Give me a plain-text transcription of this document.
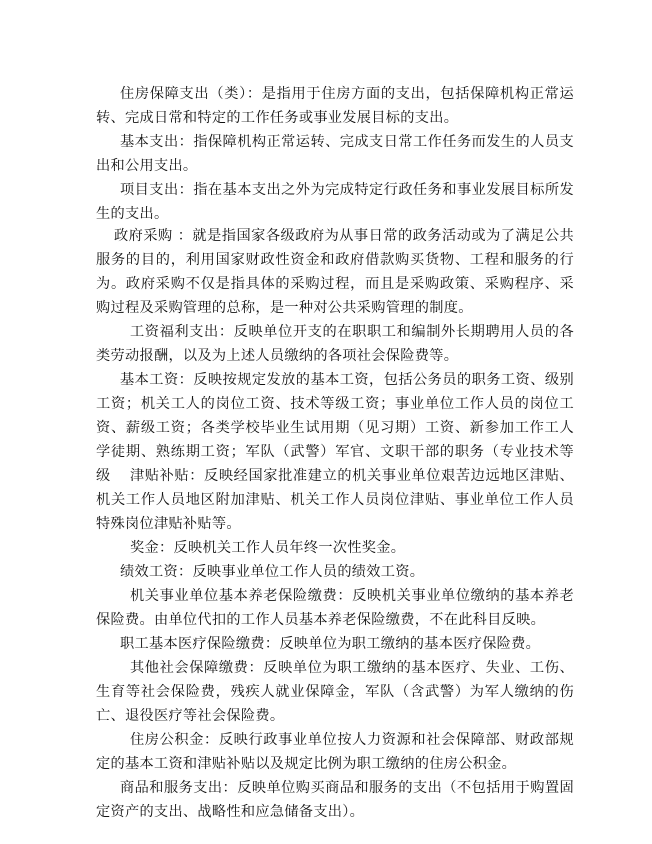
住房保障支出（类）：是指用于住房方面的支出，包括保障机构正常运转、完成日常和特定的工作任务或事业发展目标的支出。

基本支出：指保障机构正常运转、完成支日常工作任务而发生的人员支出和公用支出。

项目支出：指在基本支出之外为完成特定行政任务和事业发展目标所发生的支出。

政府采购 ：就是指国家各级政府为从事日常的政务活动或为了满足公共服务的目的，利用国家财政性资金和政府借款购买货物、工程和服务的行为。政府采购不仅是指具体的采购过程，而且是采购政策、采购程序、采购过程及采购管理的总称，是一种对公共采购管理的制度。

工资福利支出：反映单位开支的在职职工和编制外长期聘用人员的各类劳动报酬，以及为上述人员缴纳的各项社会保险费等。

基本工资：反映按规定发放的基本工资，包括公务员的职务工资、级别工资；机关工人的岗位工资、技术等级工资；事业单位工作人员的岗位工资、薪级工资；各类学校毕业生试用期（见习期）工资、新参加工作工人学徒期、熟练期工资；军队（武警）军官、文职干部的职务（专业技术等级	津贴补贴：反映经国家批准建立的机关事业单位艰苦边远地区津贴、机关工作人员地区附加津贴、机关工作人员岗位津贴、事业单位工作人员特殊岗位津贴补贴等。

奖金：反映机关工作人员年终一次性奖金。

绩效工资：反映事业单位工作人员的绩效工资。

机关事业单位基本养老保险缴费：反映机关事业单位缴纳的基本养老保险费。由单位代扣的工作人员基本养老保险缴费，不在此科目反映。

职工基本医疗保险缴费：反映单位为职工缴纳的基本医疗保险费。

其他社会保障缴费：反映单位为职工缴纳的基本医疗、失业、工伤、生育等社会保险费，残疾人就业保障金，军队（含武警）为军人缴纳的伤亡、退役医疗等社会保险费。

住房公积金：反映行政事业单位按人力资源和社会保障部、财政部规定的基本工资和津贴补贴以及规定比例为职工缴纳的住房公积金。

商品和服务支出：反映单位购买商品和服务的支出（不包括用于购置固定资产的支出、战略性和应急储备支出）。
